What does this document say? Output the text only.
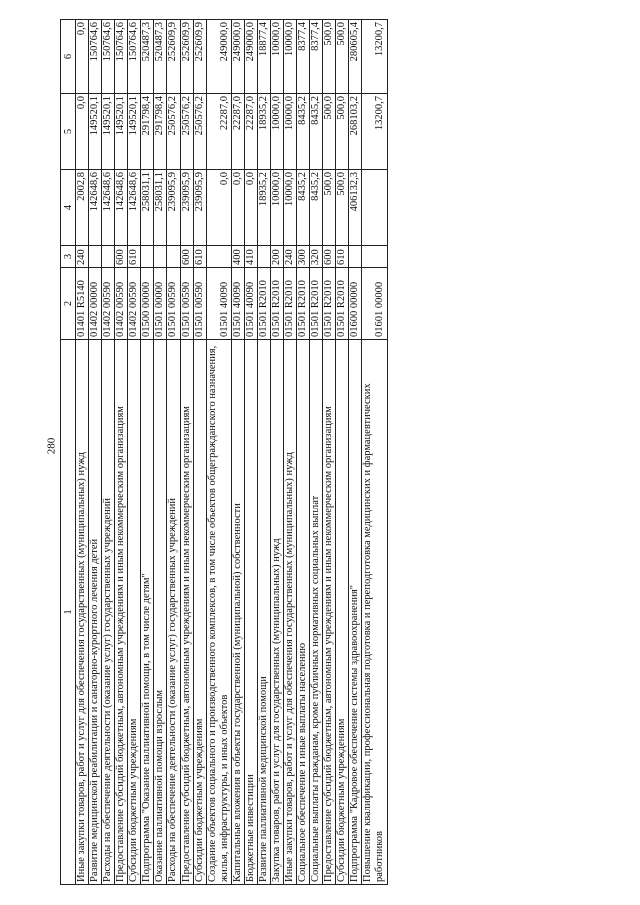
280
1	2	3	4	5	6
Иные закупки товаров, работ и услуг для обеспечения государственных (муниципальных) нужд	01401 R5140	240	2002,8	0,0	0,0
Развитие медицинской реабилитации и санаторно-курортного лечения детей	01402 00000		142648,6	149520,1	150764,6
Расходы на обеспечение деятельности (оказание услуг) государственных учреждений	01402 00590		142648,6	149520,1	150764,6
Предоставление субсидий бюджетным, автономным учреждениям и иным некоммерческим организациям	01402 00590	600	142648,6	149520,1	150764,6
Субсидии бюджетным учреждениям	01402 00590	610	142648,6	149520,1	150764,6
Подпрограмма "Оказание паллиативной помощи, в том числе детям"	01500 00000		258031,1	291798,4	520487,3
Оказание паллиативной помощи взрослым	01501 00000		258031,1	291798,4	520487,3
Расходы на обеспечение деятельности (оказание услуг) государственных учреждений	01501 00590		239095,9	250576,2	252609,9
Предоставление субсидий бюджетным, автономным учреждениям и иным некоммерческим организациям	01501 00590	600	239095,9	250576,2	252609,9
Субсидии бюджетным учреждениям	01501 00590	610	239095,9	250576,2	252609,9
Создание объектов социального и производственного комплексов, в том числе объектов общегражданского назначения, жилья, инфраструктуры, и иных объектов	01501 40090		0,0	22287,0	249000,0
Капитальные вложения в объекты государственной (муниципальной) собственности	01501 40090	400	0,0	22287,0	249000,0
Бюджетные инвестиции	01501 40090	410	0,0	22287,0	249000,0
Развитие паллиативной медицинской помощи	01501 R2010		18935,2	18935,2	18877,4
Закупка товаров, работ и услуг для государственных (муниципальных) нужд	01501 R2010	200	10000,0	10000,0	10000,0
Иные закупки товаров, работ и услуг для обеспечения государственных (муниципальных) нужд	01501 R2010	240	10000,0	10000,0	10000,0
Социальное обеспечение и иные выплаты населению	01501 R2010	300	8435,2	8435,2	8377,4
Социальные выплаты гражданам, кроме публичных нормативных социальных выплат	01501 R2010	320	8435,2	8435,2	8377,4
Предоставление субсидий бюджетным, автономным учреждениям и иным некоммерческим организациям	01501 R2010	600	500,0	500,0	500,0
Субсидии бюджетным учреждениям	01501 R2010	610	500,0	500,0	500,0
Подпрограмма "Кадровое обеспечение системы здравоохранения"	01600 00000		406132,3	268103,2	280605,4
Повышение квалификации, профессиональная подготовка и переподготовка медицинских и фармацевтических работников	01601 00000			13200,7	13200,7
